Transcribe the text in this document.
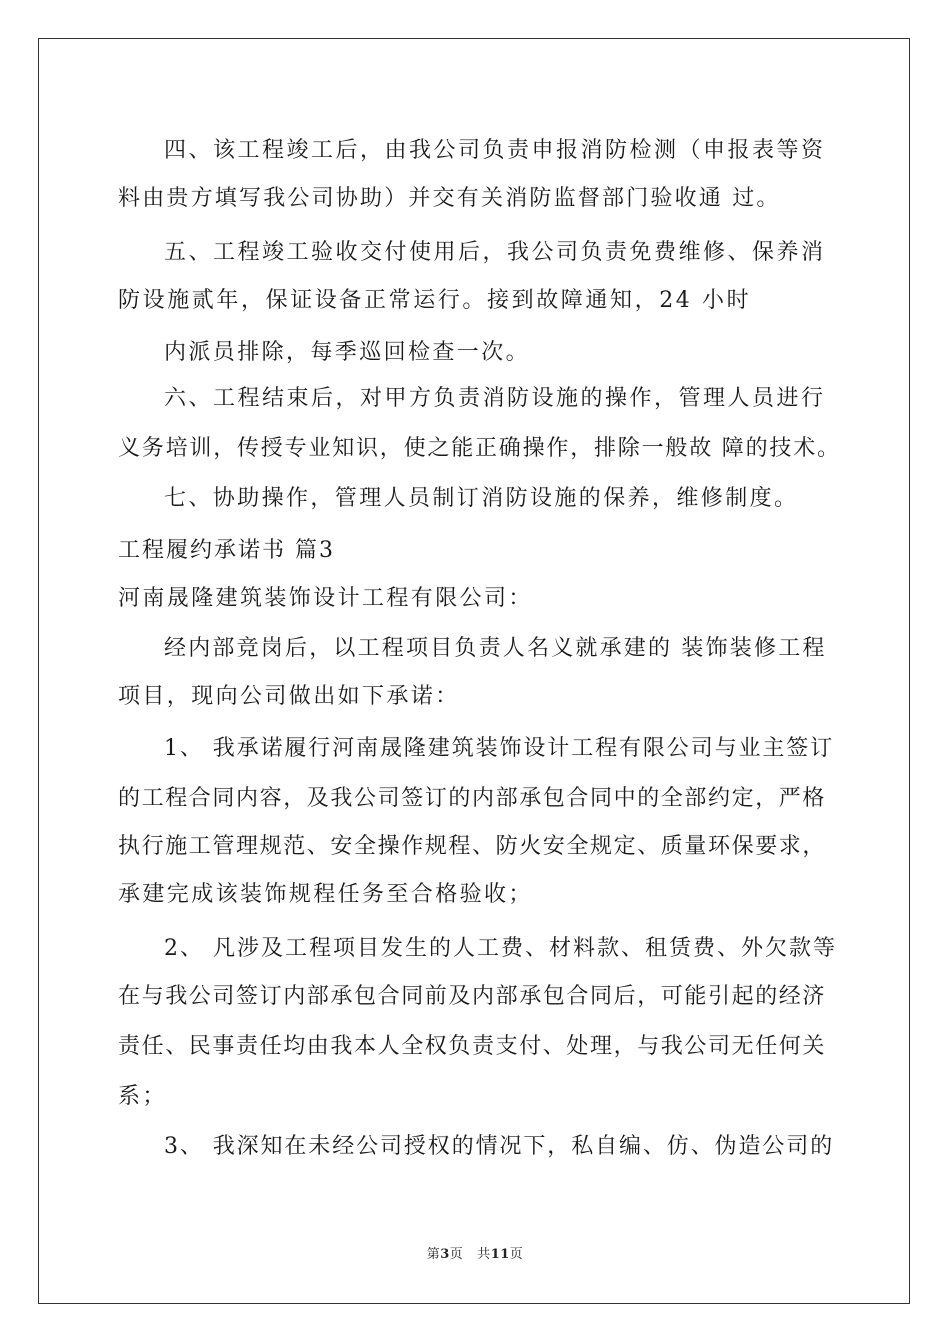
四、该工程竣工后，由我公司负责申报消防检测（申报表等资
料由贵方填写我公司协助）并交有关消防监督部门验收通 过。
五、工程竣工验收交付使用后，我公司负责免费维修、保养消
防设施贰年，保证设备正常运行。接到故障通知，24 小时
内派员排除，每季巡回检查一次。
六、工程结束后，对甲方负责消防设施的操作，管理人员进行
义务培训，传授专业知识，使之能正确操作，排除一般故 障的技术。
七、协助操作，管理人员制订消防设施的保养，维修制度。
工程履约承诺书 篇3
河南晟隆建筑装饰设计工程有限公司：
经内部竞岗后，以工程项目负责人名义就承建的 装饰装修工程
项目，现向公司做出如下承诺：
1、 我承诺履行河南晟隆建筑装饰设计工程有限公司与业主签订
的工程合同内容，及我公司签订的内部承包合同中的全部约定，严格
执行施工管理规范、安全操作规程、防火安全规定、质量环保要求，
承建完成该装饰规程任务至合格验收；
2、 凡涉及工程项目发生的人工费、材料款、租赁费、外欠款等
在与我公司签订内部承包合同前及内部承包合同后，可能引起的经济
责任、民事责任均由我本人全权负责支付、处理，与我公司无任何关
系；
3、 我深知在未经公司授权的情况下，私自编、仿、伪造公司的
第3页 共11页
